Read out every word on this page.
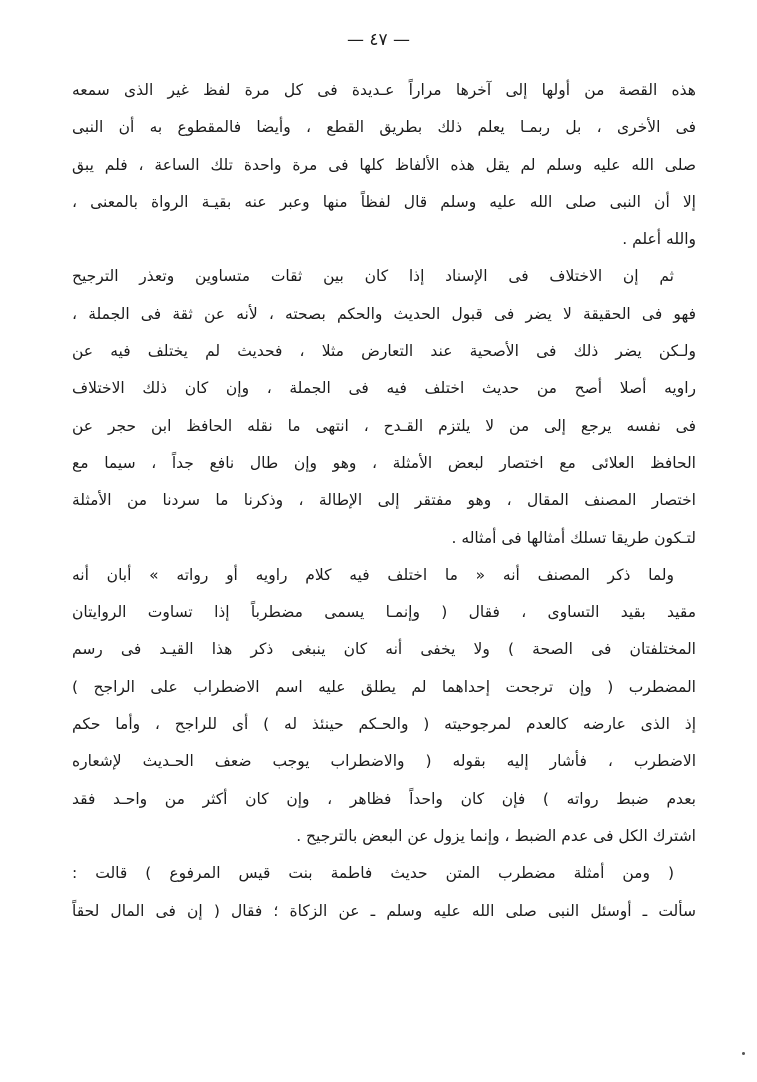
— ٤٧ —
هذه القصة من أولها إلى آخرها مراراً عـديدة فى كل مرة لفظ غير الذى سمعه
فى الأخرى ، بل ربمـا يعلم ذلك بطريق القطع ، وأيضا فالمقطوع به أن النبى
صلى الله عليه وسلم لم يقل هذه الألفاظ كلها فى مرة واحدة تلك الساعة ، فلم يبق
إلا أن النبى صلى الله عليه وسلم قال لفظاً منها وعبر عنه بقيـة الرواة بالمعنى ،
والله أعلم .
ثم إن الاختلاف فى الإسناد إذا كان بين ثقات متساوين وتعذر الترجيح
فهو فى الحقيقة لا يضر فى قبول الحديث والحكم بصحته ، لأنه عن ثقة فى الجملة ،
ولـكن يضر ذلك فى الأصحية عند التعارض مثلا ، فحديث لم يختلف فيه عن
راويه أصلا أصح من حديث اختلف فيه فى الجملة ، وإن كان ذلك الاختلاف
فى نفسه يرجع إلى من لا يلتزم القـدح ، انتهى ما نقله الحافظ ابن حجر عن
الحافظ العلائى مع اختصار لبعض الأمثلة ، وهو وإن طال نافع جداً ، سيما مع
اختصار المصنف المقال ، وهو مفتقر إلى الإطالة ، وذكرنا ما سردنا من الأمثلة
لتـكون طريقا تسلك أمثالها فى أمثاله .
ولما ذكر المصنف أنه « ما اختلف فيه كلام راويه أو رواته » أبان أنه
مقيد بقيد التساوى ، فقال ( وإنمـا يسمى مضطرباً إذا تساوت الروايتان
المختلفتان فى الصحة ) ولا يخفى أنه كان ينبغى ذكر هذا القيـد فى رسم
المضطرب ( وإن ترجحت إحداهما لم يطلق عليه اسم الاضطراب على الراجح )
إذ الذى عارضه كالعدم لمرجوحيته ( والحـكم حينئذ له ) أى للراجح ، وأما حكم
الاضطرب ، فأشار إليه بقوله ( والاضطراب يوجب ضعف الحـديث لإشعاره
بعدم ضبط رواته ) فإن كان واحداً فظاهر ، وإن كان أكثر من واحـد فقد
اشترك الكل فى عدم الضبط ، وإنما يزول عن البعض بالترجيح .
( ومن أمثلة مضطرب المتن حديث فاطمة بنت قيس المرفوع ) قالت :
سألت ـ أوسئل النبى صلى الله عليه وسلم ـ عن الزكاة ؛ فقال ( إن فى المال لحقاً
